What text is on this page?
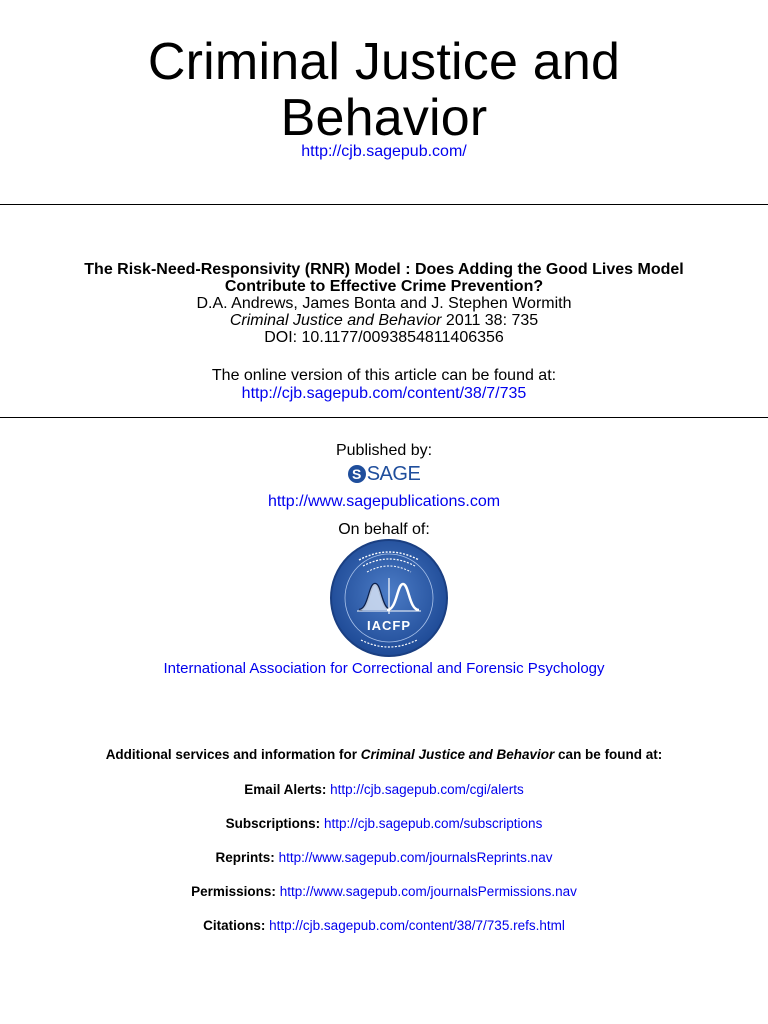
Criminal Justice and
Behavior
http://cjb.sagepub.com/
The Risk-Need-Responsivity (RNR) Model : Does Adding the Good Lives Model
Contribute to Effective Crime Prevention?
D.A. Andrews, James Bonta and J. Stephen Wormith
Criminal Justice and Behavior 2011 38: 735
DOI: 10.1177/0093854811406356
The online version of this article can be found at:
http://cjb.sagepub.com/content/38/7/735
Published by:
S SAGE
http://www.sagepublications.com
On behalf of:
IACFP
International Association for Correctional and Forensic Psychology
Additional services and information for Criminal Justice and Behavior can be found at:
Email Alerts: http://cjb.sagepub.com/cgi/alerts
Subscriptions: http://cjb.sagepub.com/subscriptions
Reprints: http://www.sagepub.com/journalsReprints.nav
Permissions: http://www.sagepub.com/journalsPermissions.nav
Citations: http://cjb.sagepub.com/content/38/7/735.refs.html
